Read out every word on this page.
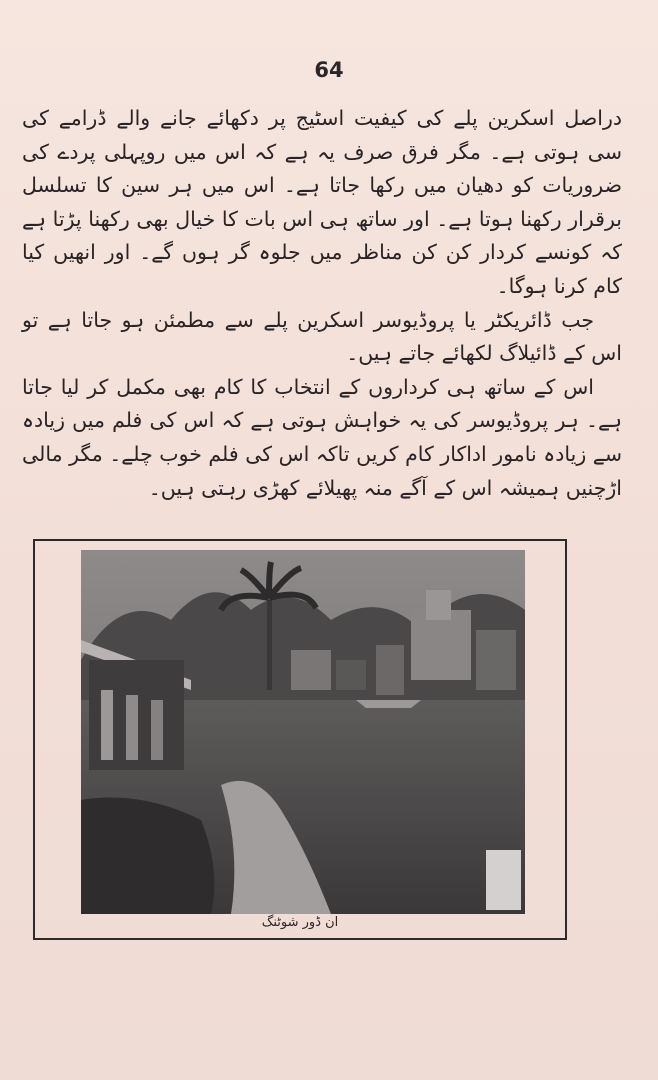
64

دراصل اسکرین پلے کی کیفیت اسٹیج پر دکھائے جانے والے ڈرامے کی سی ہوتی ہے۔ مگر فرق صرف یہ ہے کہ اس میں روپہلی پردے کی ضروریات کو دھیان میں رکھا جاتا ہے۔ اس میں ہر سین کا تسلسل برقرار رکھنا ہوتا ہے۔ اور ساتھ ہی اس بات کا خیال بھی رکھنا پڑتا ہے کہ کونسے کردار کن کن مناظر میں جلوہ گر ہوں گے۔ اور انھیں کیا کام کرنا ہوگا۔

جب ڈائریکٹر یا پروڈیوسر اسکرین پلے سے مطمئن ہو جاتا ہے تو اس کے ڈائیلاگ لکھائے جاتے ہیں۔

اس کے ساتھ ہی کرداروں کے انتخاب کا کام بھی مکمل کر لیا جاتا ہے۔ ہر پروڈیوسر کی یہ خواہش ہوتی ہے کہ اس کی فلم میں زیادہ سے زیادہ نامور اداکار کام کریں تاکہ اس کی فلم خوب چلے۔ مگر مالی اڑچنیں ہمیشہ اس کے آگے منہ پھیلائے کھڑی رہتی ہیں۔

ان ڈور شوٹنگ
